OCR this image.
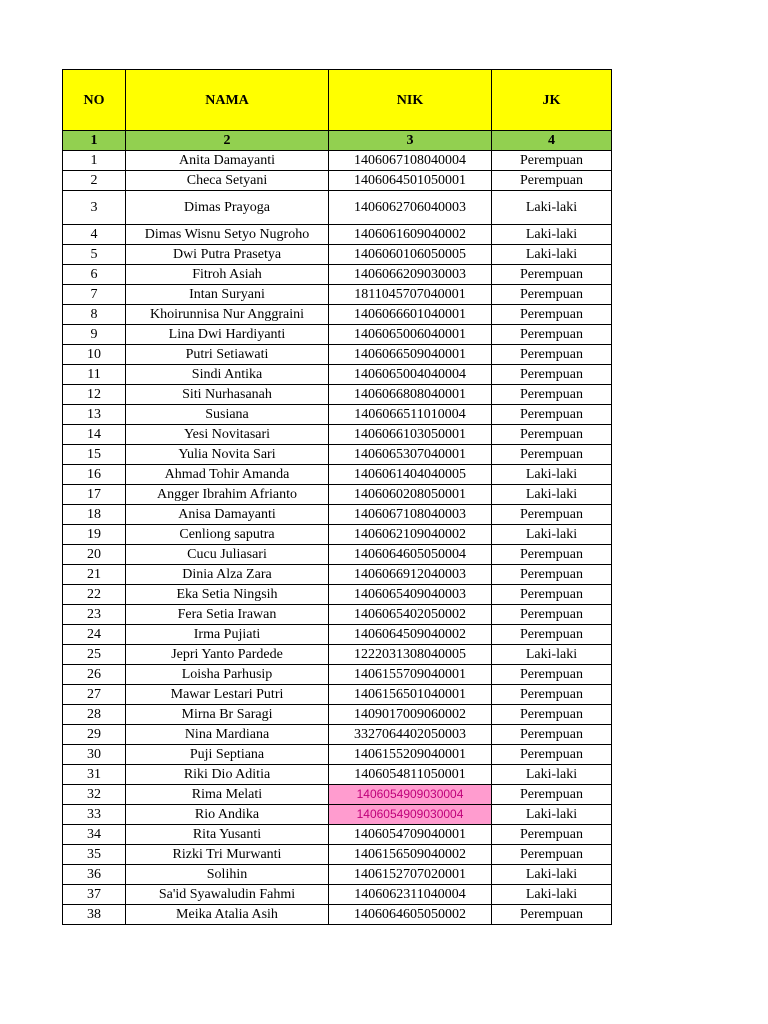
NO	NAMA	NIK	JK
1	2	3	4
1	Anita Damayanti	1406067108040004	Perempuan
2	Checa Setyani	1406064501050001	Perempuan
3	Dimas Prayoga	1406062706040003	Laki-laki
4	Dimas Wisnu Setyo Nugroho	1406061609040002	Laki-laki
5	Dwi Putra Prasetya	1406060106050005	Laki-laki
6	Fitroh Asiah	1406066209030003	Perempuan
7	Intan Suryani	1811045707040001	Perempuan
8	Khoirunnisa Nur Anggraini	1406066601040001	Perempuan
9	Lina Dwi Hardiyanti	1406065006040001	Perempuan
10	Putri Setiawati	1406066509040001	Perempuan
11	Sindi Antika	1406065004040004	Perempuan
12	Siti Nurhasanah	1406066808040001	Perempuan
13	Susiana	1406066511010004	Perempuan
14	Yesi Novitasari	1406066103050001	Perempuan
15	Yulia Novita Sari	1406065307040001	Perempuan
16	Ahmad Tohir Amanda	1406061404040005	Laki-laki
17	Angger Ibrahim Afrianto	1406060208050001	Laki-laki
18	Anisa Damayanti	1406067108040003	Perempuan
19	Cenliong saputra	1406062109040002	Laki-laki
20	Cucu Juliasari	1406064605050004	Perempuan
21	Dinia Alza Zara	1406066912040003	Perempuan
22	Eka Setia Ningsih	1406065409040003	Perempuan
23	Fera Setia Irawan	1406065402050002	Perempuan
24	Irma Pujiati	1406064509040002	Perempuan
25	Jepri Yanto Pardede	1222031308040005	Laki-laki
26	Loisha Parhusip	1406155709040001	Perempuan
27	Mawar Lestari Putri	1406156501040001	Perempuan
28	Mirna Br Saragi	1409017009060002	Perempuan
29	Nina Mardiana	3327064402050003	Perempuan
30	Puji Septiana	1406155209040001	Perempuan
31	Riki Dio Aditia	1406054811050001	Laki-laki
32	Rima Melati	1406054909030004	Perempuan
33	Rio Andika	1406054909030004	Laki-laki
34	Rita Yusanti	1406054709040001	Perempuan
35	Rizki Tri Murwanti	1406156509040002	Perempuan
36	Solihin	1406152707020001	Laki-laki
37	Sa'id Syawaludin Fahmi	1406062311040004	Laki-laki
38	Meika Atalia Asih	1406064605050002	Perempuan
